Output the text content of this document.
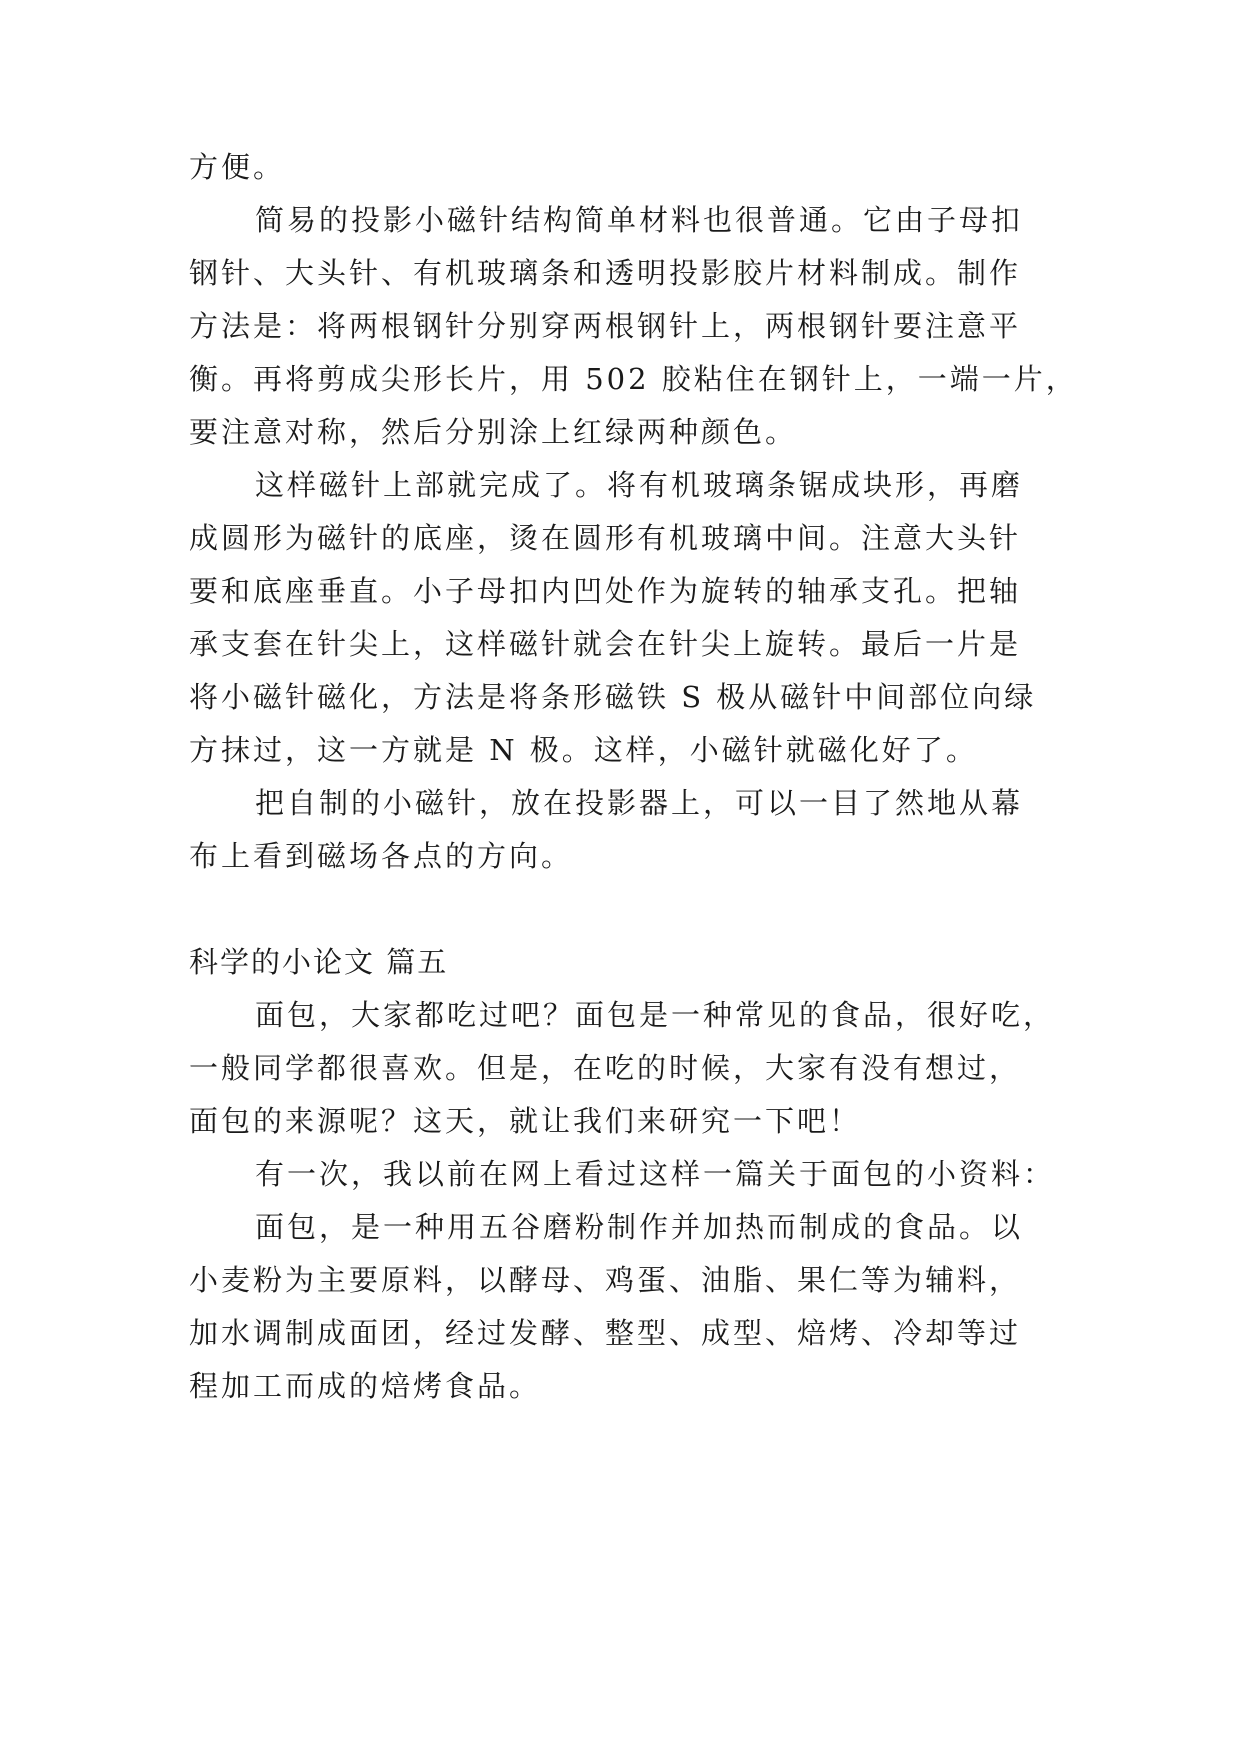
方便。

简易的投影小磁针结构简单材料也很普通。它由子母扣

钢针、大头针、有机玻璃条和透明投影胶片材料制成。制作

方法是：将两根钢针分别穿两根钢针上，两根钢针要注意平

衡。再将剪成尖形长片，用 502 胶粘住在钢针上，一端一片，

要注意对称，然后分别涂上红绿两种颜色。

这样磁针上部就完成了。将有机玻璃条锯成块形，再磨

成圆形为磁针的底座，烫在圆形有机玻璃中间。注意大头针

要和底座垂直。小子母扣内凹处作为旋转的轴承支孔。把轴

承支套在针尖上，这样磁针就会在针尖上旋转。最后一片是

将小磁针磁化，方法是将条形磁铁 S 极从磁针中间部位向绿

方抹过，这一方就是 N 极。这样，小磁针就磁化好了。

把自制的小磁针，放在投影器上，可以一目了然地从幕

布上看到磁场各点的方向。

科学的小论文 篇五

面包，大家都吃过吧？面包是一种常见的食品，很好吃，

一般同学都很喜欢。但是，在吃的时候，大家有没有想过，

面包的来源呢？这天，就让我们来研究一下吧！

有一次，我以前在网上看过这样一篇关于面包的小资料：

面包，是一种用五谷磨粉制作并加热而制成的食品。以

小麦粉为主要原料，以酵母、鸡蛋、油脂、果仁等为辅料，

加水调制成面团，经过发酵、整型、成型、焙烤、冷却等过

程加工而成的焙烤食品。
